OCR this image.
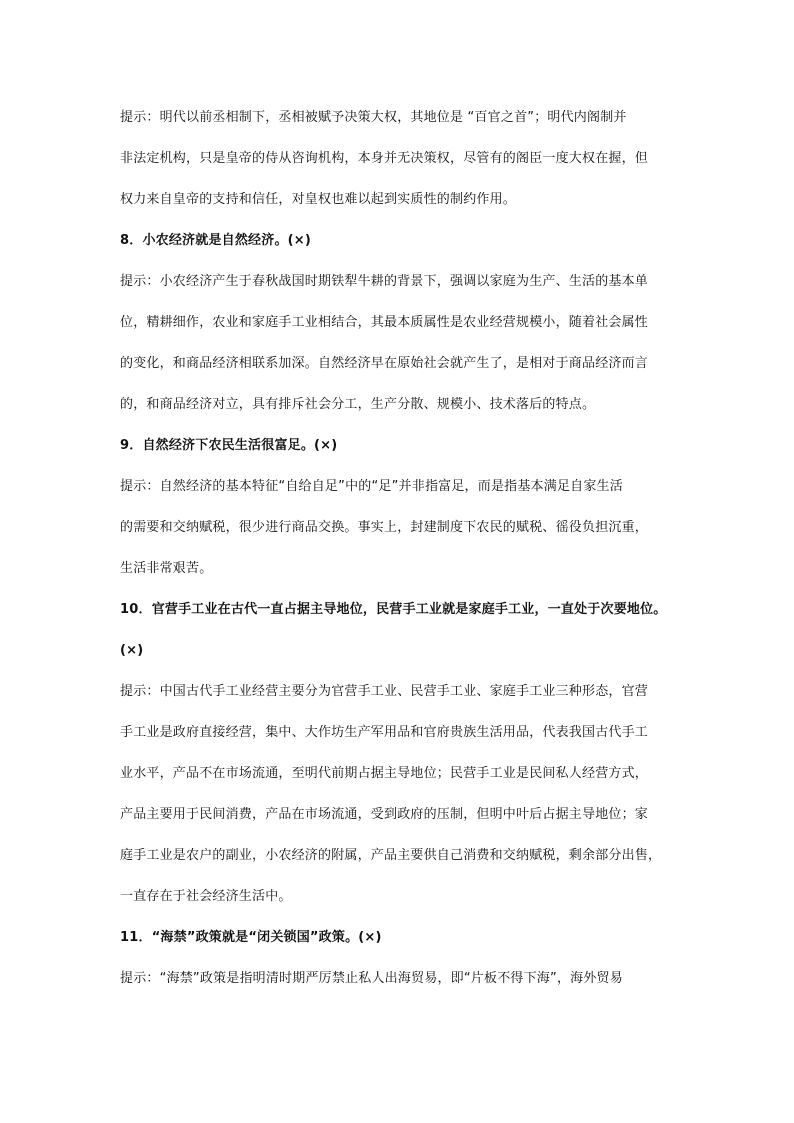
提示：明代以前丞相制下，丞相被赋予决策大权，其地位是 “百官之首”；明代内阁制并
非法定机构，只是皇帝的侍从咨询机构，本身并无决策权，尽管有的阁臣一度大权在握，但
权力来自皇帝的支持和信任，对皇权也难以起到实质性的制约作用。
8．小农经济就是自然经济。(×)
提示：小农经济产生于春秋战国时期铁犁牛耕的背景下，强调以家庭为生产、生活的基本单
位，精耕细作，农业和家庭手工业相结合，其最本质属性是农业经营规模小，随着社会属性
的变化，和商品经济相联系加深。自然经济早在原始社会就产生了，是相对于商品经济而言
的，和商品经济对立，具有排斥社会分工，生产分散、规模小、技术落后的特点。
9．自然经济下农民生活很富足。(×)
提示：自然经济的基本特征“自给自足”中的“足”并非指富足，而是指基本满足自家生活
的需要和交纳赋税，很少进行商品交换。事实上，封建制度下农民的赋税、徭役负担沉重，
生活非常艰苦。
10．官营手工业在古代一直占据主导地位，民营手工业就是家庭手工业，一直处于次要地位。
(×)
提示：中国古代手工业经营主要分为官营手工业、民营手工业、家庭手工业三种形态，官营
手工业是政府直接经营，集中、大作坊生产军用品和官府贵族生活用品，代表我国古代手工
业水平，产品不在市场流通，至明代前期占据主导地位；民营手工业是民间私人经营方式，
产品主要用于民间消费，产品在市场流通，受到政府的压制，但明中叶后占据主导地位；家
庭手工业是农户的副业，小农经济的附属，产品主要供自己消费和交纳赋税，剩余部分出售，
一直存在于社会经济生活中。
11．“海禁”政策就是“闭关锁国”政策。(×)
提示：“海禁”政策是指明清时期严厉禁止私人出海贸易，即“片板不得下海”，海外贸易
